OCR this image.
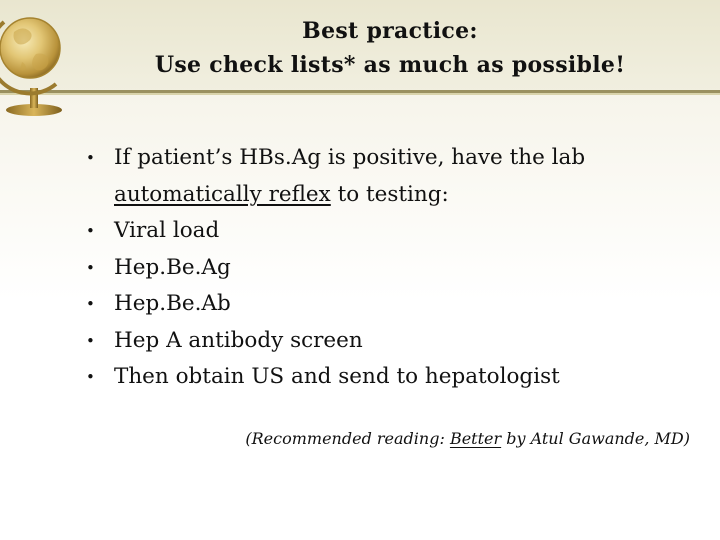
Best practice:
Use check lists* as much as possible!
• If patient’s HBs.Ag is positive, have the lab
automatically reflex to testing:
• Viral load
• Hep.Be.Ag
• Hep.Be.Ab
• Hep A antibody screen
• Then obtain US and send to hepatologist
(Recommended reading: Better by Atul Gawande, MD)
